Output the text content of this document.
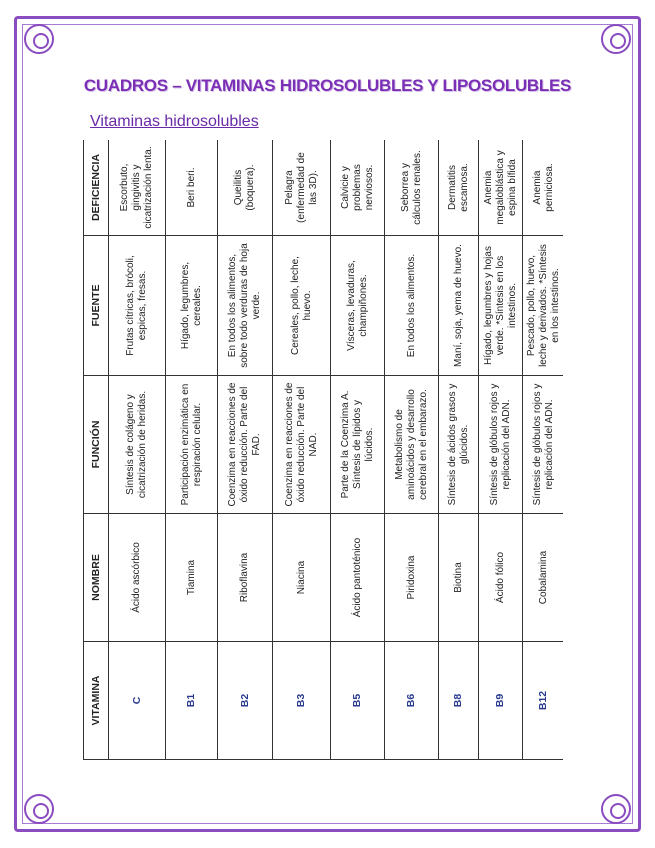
CUADROS – VITAMINAS HIDROSOLUBLES Y LIPOSOLUBLES
Vitaminas hidrosolubles
VITAMINA	NOMBRE	FUNCIÓN	FUENTE	DEFICIENCIA
C	Ácido ascórbico	Síntesis de colágeno y cicatrización de heridas.	Frutas cítricas, brócoli, espicas, fresas.	Escorbuto, gingivitis y cicatrización lenta.
B1	Tiamina	Participación enzimática en respiración celular.	Hígado, legumbres, cereales.	Beri beri.
B2	Riboflavina	Coenzima en reacciones de óxido reducción. Parte del FAD.	En todos los alimentos, sobre todo verduras de hoja verde.	Queilitis (boquera).
B3	Niacina	Coenzima en reacciones de óxido reducción. Parte del NAD.	Cereales, pollo, leche, huevo.	Pelagra (enfermedad de las 3D).
B5	Ácido pantoténico	Parte de la Coenzima A. Síntesis de lípidos y lúcidos.	Vísceras, levaduras, champiñones.	Calvicie y problemas nerviosos.
B6	Piridoxina	Metabolismo de aminoácidos y desarrollo cerebral en el embarazo.	En todos los alimentos.	Seborrea y cálculos renales.
B8	Biotina	Síntesis de ácidos grasos y glúcidos.	Maní, soja, yema de huevo.	Dermatitis escamosa.
B9	Ácido fólico	Síntesis de glóbulos rojos y replicación del ADN.	Hígado, legumbres y hojas verde. *Síntesis en los intestinos.	Anemia megaloblástica y espina bífida
B12	Cobalamina	Síntesis de glóbulos rojos y replicación del ADN.	Pescado, pollo, huevo, leche y derivados. *Síntesis en los intestinos.	Anemia perniciosa.
